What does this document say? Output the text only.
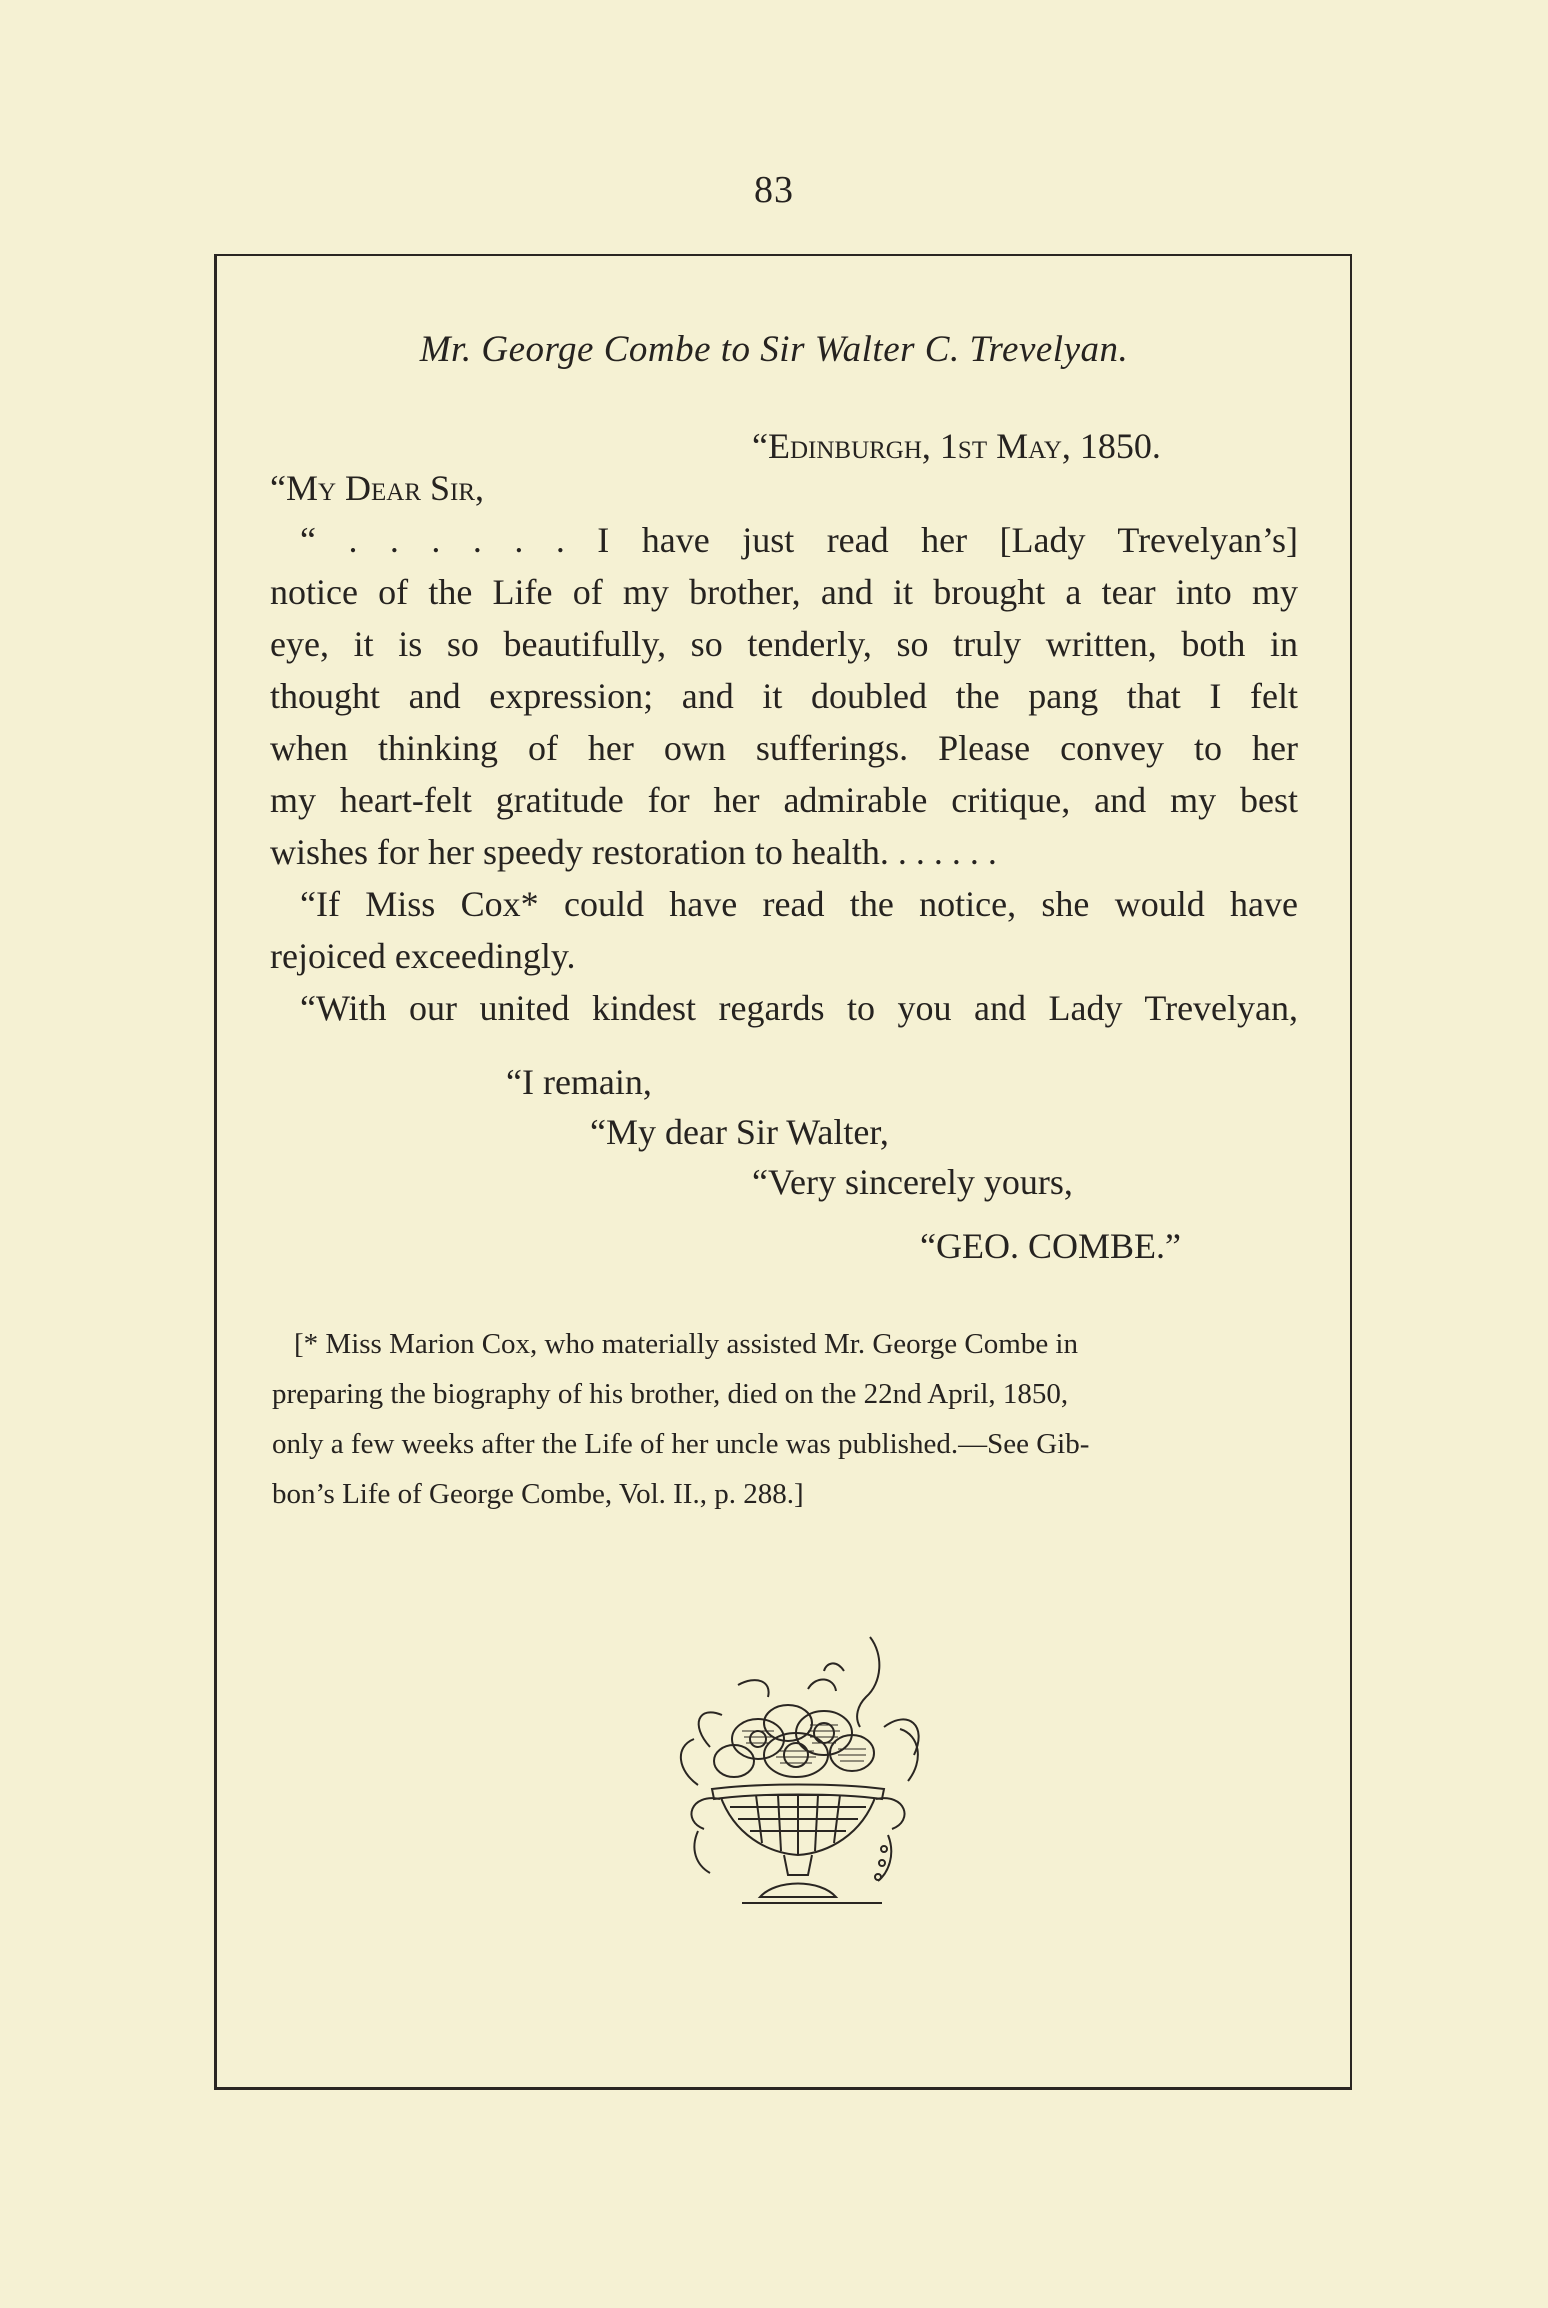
83
Mr. George Combe to Sir Walter C. Trevelyan.
“Edinburgh, 1st May, 1850.
“My Dear Sir,
“ . . . . . . I have just read her [Lady Trevelyan’s]
notice of the Life of my brother, and it brought a tear into my
eye, it is so beautifully, so tenderly, so truly written, both in
thought and expression; and it doubled the pang that I felt
when thinking of her own sufferings. Please convey to her
my heart-felt gratitude for her admirable critique, and my best
wishes for her speedy restoration to health. . . . . . .
“If Miss Cox* could have read the notice, she would have
rejoiced exceedingly.
“With our united kindest regards to you and Lady Trevelyan,
“I remain,
“My dear Sir Walter,
“Very sincerely yours,
“GEO. COMBE.”
[* Miss Marion Cox, who materially assisted Mr. George Combe in
preparing the biography of his brother, died on the 22nd April, 1850,
only a few weeks after the Life of her uncle was published.—See Gib-
bon’s Life of George Combe, Vol. II., p. 288.]
